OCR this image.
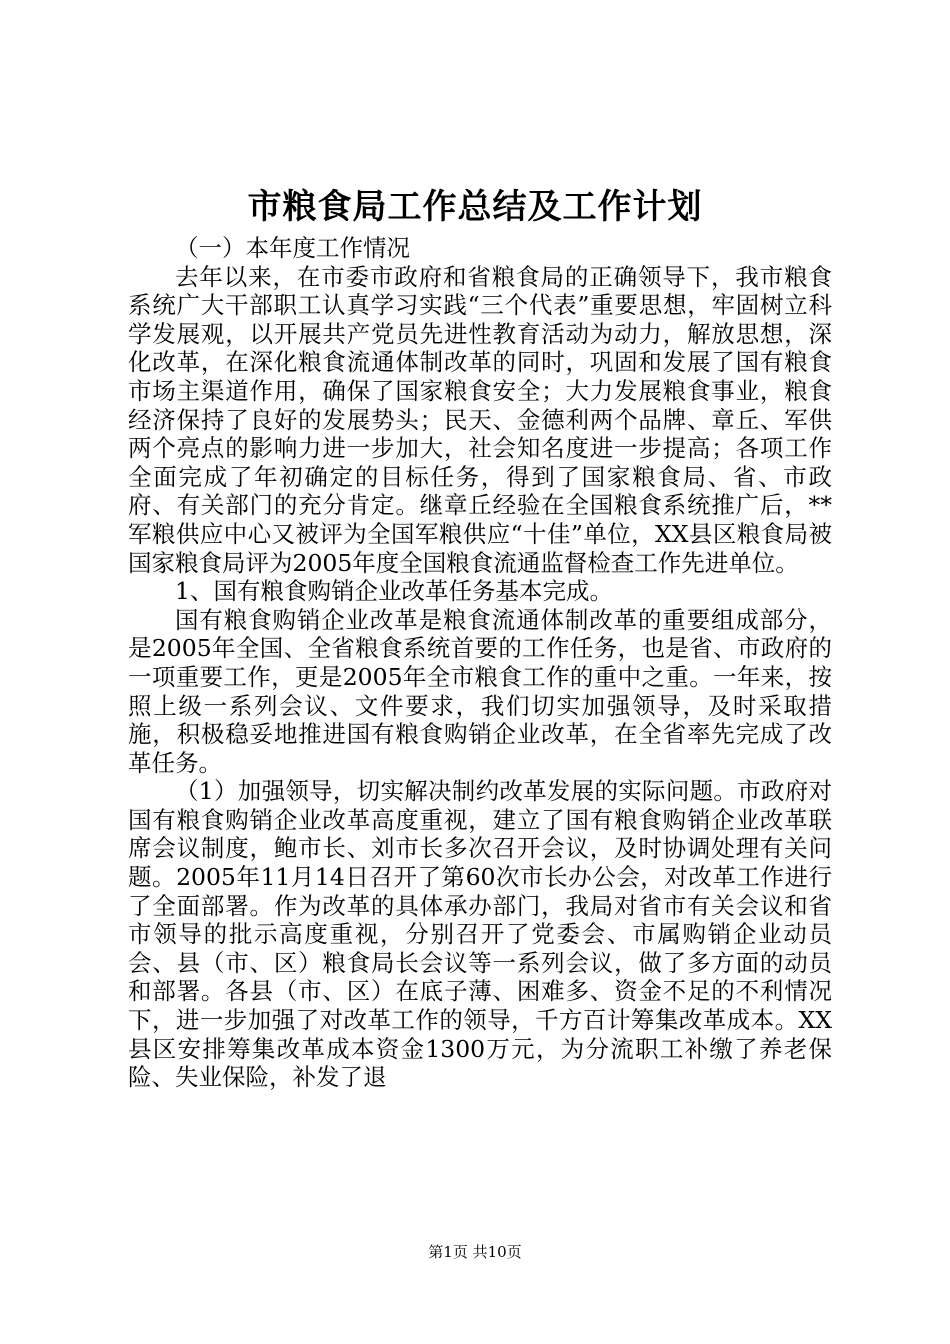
市粮食局工作总结及工作计划

（一）本年度工作情况

去年以来，在市委市政府和省粮食局的正确领导下，我市粮食系统广大干部职工认真学习实践“三个代表”重要思想，牢固树立科学发展观，以开展共产党员先进性教育活动为动力，解放思想，深化改革，在深化粮食流通体制改革的同时，巩固和发展了国有粮食市场主渠道作用，确保了国家粮食安全；大力发展粮食事业，粮食经济保持了良好的发展势头；民天、金德利两个品牌、章丘、军供两个亮点的影响力进一步加大，社会知名度进一步提高；各项工作全面完成了年初确定的目标任务，得到了国家粮食局、省、市政府、有关部门的充分肯定。继章丘经验在全国粮食系统推广后，**军粮供应中心又被评为全国军粮供应“十佳”单位，XX县区粮食局被国家粮食局评为2005年度全国粮食流通监督检查工作先进单位。

1、国有粮食购销企业改革任务基本完成。

国有粮食购销企业改革是粮食流通体制改革的重要组成部分，是2005年全国、全省粮食系统首要的工作任务，也是省、市政府的一项重要工作，更是2005年全市粮食工作的重中之重。一年来，按照上级一系列会议、文件要求，我们切实加强领导，及时采取措施，积极稳妥地推进国有粮食购销企业改革，在全省率先完成了改革任务。

（1）加强领导，切实解决制约改革发展的实际问题。市政府对国有粮食购销企业改革高度重视，建立了国有粮食购销企业改革联席会议制度，鲍市长、刘市长多次召开会议，及时协调处理有关问题。2005年11月14日召开了第60次市长办公会，对改革工作进行了全面部署。作为改革的具体承办部门，我局对省市有关会议和省市领导的批示高度重视，分别召开了党委会、市属购销企业动员会、县（市、区）粮食局长会议等一系列会议，做了多方面的动员和部署。各县（市、区）在底子薄、困难多、资金不足的不利情况下，进一步加强了对改革工作的领导，千方百计筹集改革成本。XX县区安排筹集改革成本资金1300万元，为分流职工补缴了养老保险、失业保险，补发了退

第1页 共10页
